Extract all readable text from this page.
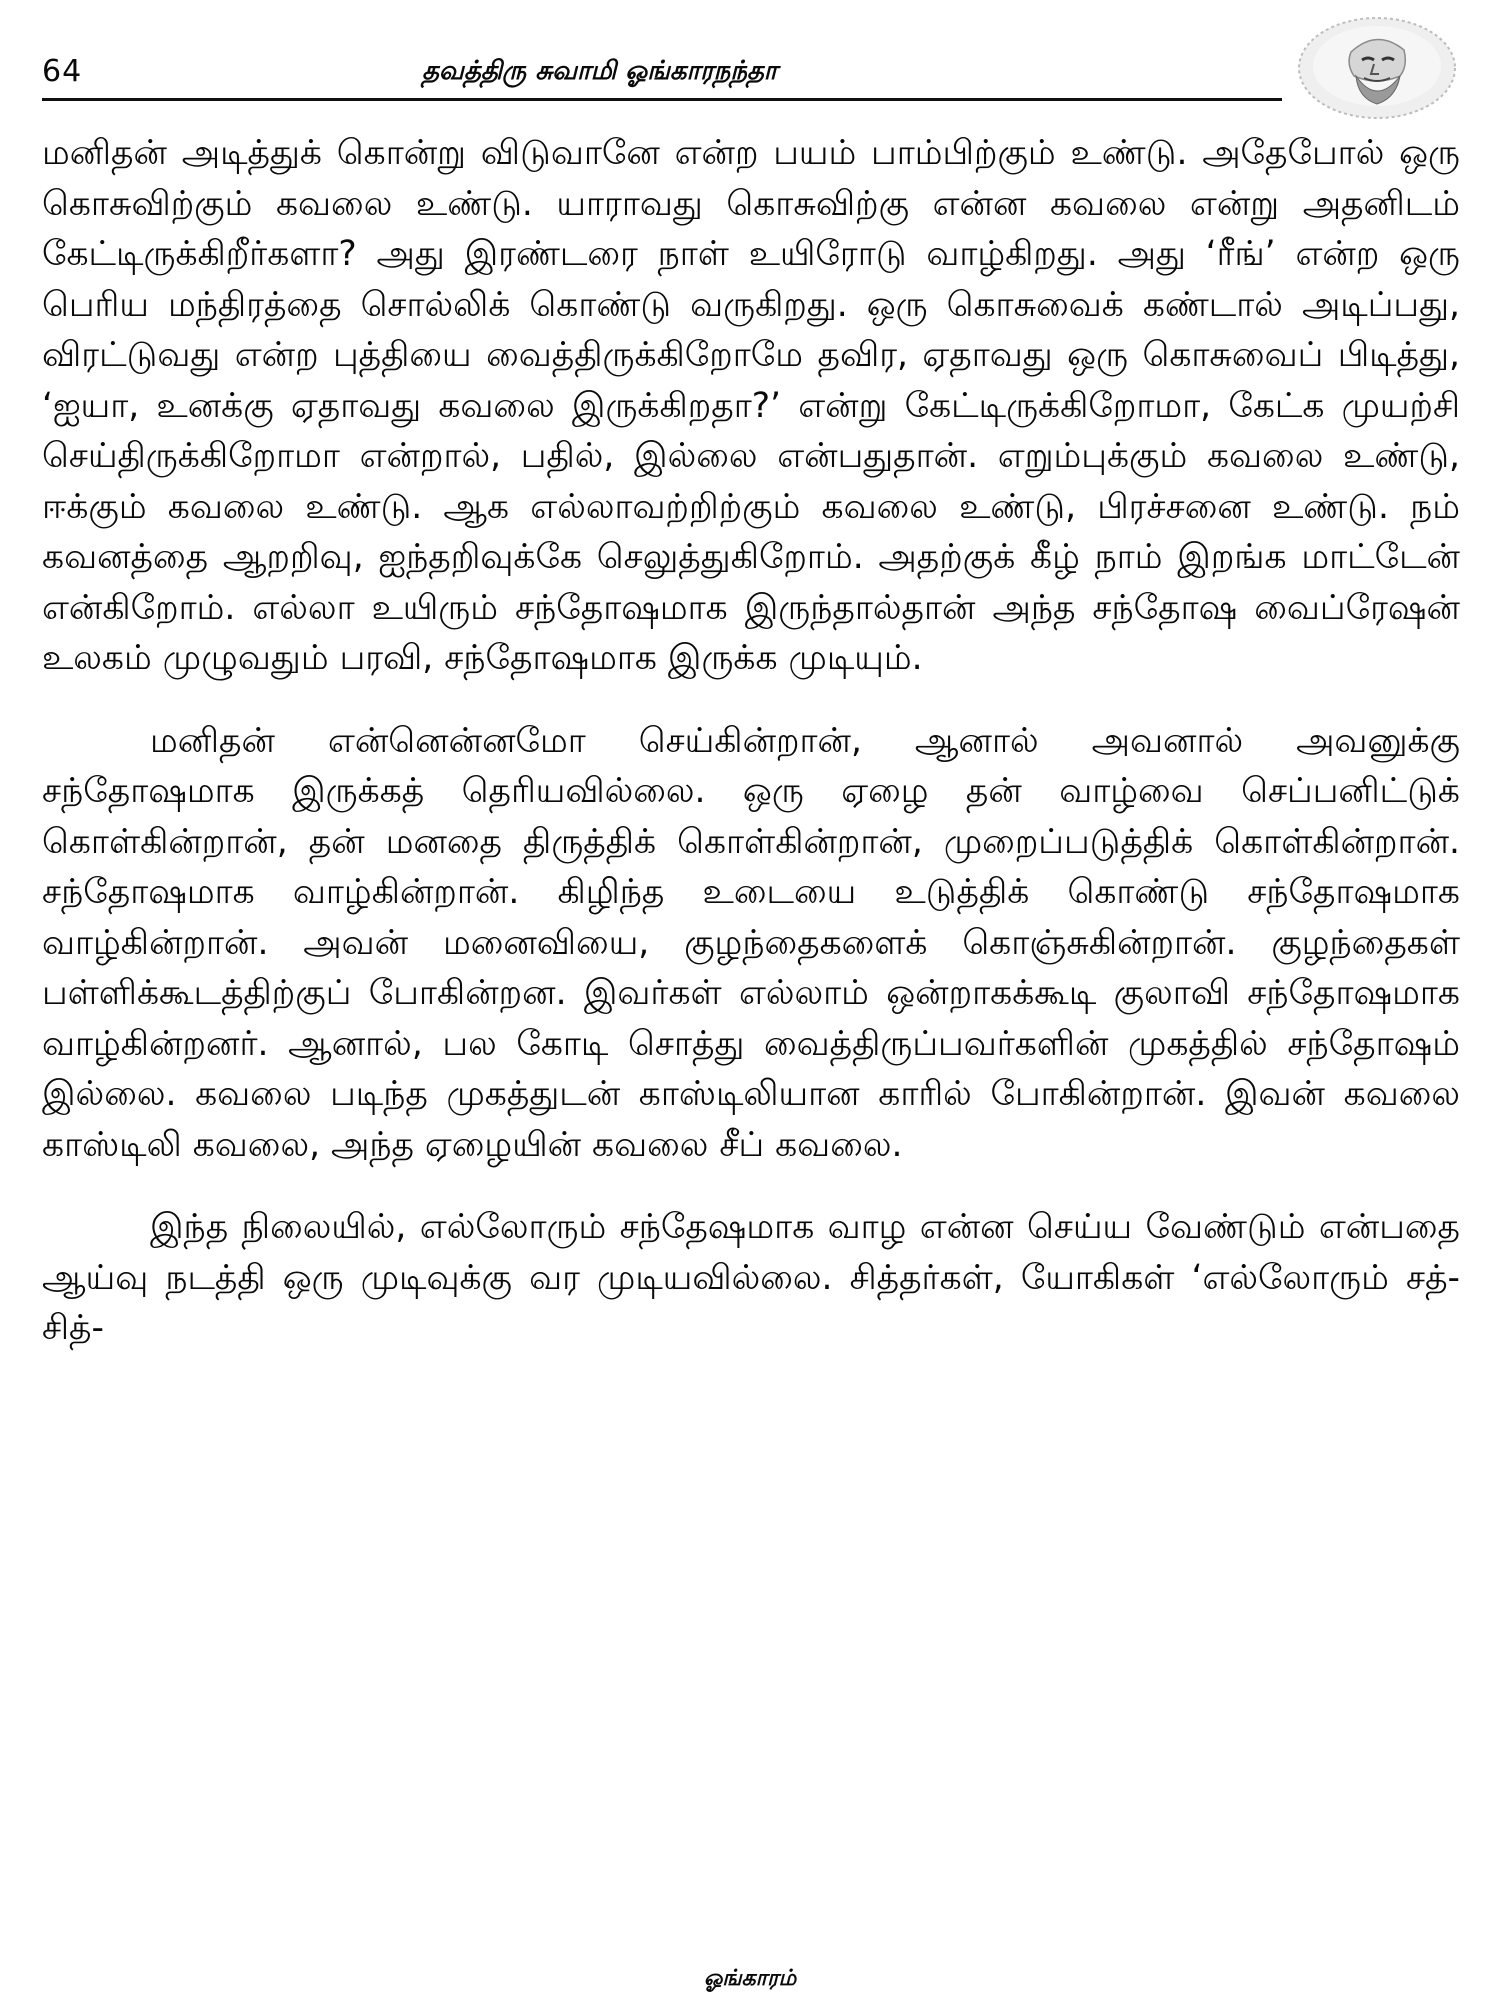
64	தவத்திரு சுவாமி ஓங்காரநந்தா

மனிதன் அடித்துக் கொன்று விடுவானே என்ற பயம் பாம்பிற்கும் உண்டு. அதேபோல் ஒரு கொசுவிற்கும் கவலை உண்டு. யாராவது கொசுவிற்கு என்ன கவலை என்று அதனிடம் கேட்டிருக்கிறீர்களா? அது இரண்டரை நாள் உயிரோடு வாழ்கிறது. அது ‘ரீங்’ என்ற ஒரு பெரிய மந்திரத்தை சொல்லிக் கொண்டு வருகிறது. ஒரு கொசுவைக் கண்டால் அடிப்பது, விரட்டுவது என்ற புத்தியை வைத்திருக்கிறோமே தவிர, ஏதாவது ஒரு கொசுவைப் பிடித்து, ‘ஐயா, உனக்கு ஏதாவது கவலை இருக்கிறதா?’ என்று கேட்டிருக்கிறோமா, கேட்க முயற்சி செய்திருக்கிறோமா என்றால், பதில், இல்லை என்பதுதான். எறும்புக்கும் கவலை உண்டு, ஈக்கும் கவலை உண்டு. ஆக எல்லாவற்றிற்கும் கவலை உண்டு, பிரச்சனை உண்டு. நம் கவனத்தை ஆறறிவு, ஐந்தறிவுக்கே செலுத்துகிறோம். அதற்குக் கீழ் நாம் இறங்க மாட்டேன் என்கிறோம். எல்லா உயிரும் சந்தோஷமாக இருந்தால்தான் அந்த சந்தோஷ வைப்ரேஷன் உலகம் முழுவதும் பரவி, சந்தோஷமாக இருக்க முடியும்.

மனிதன் என்னென்னமோ செய்கின்றான், ஆனால் அவனால் அவனுக்கு சந்தோஷமாக இருக்கத் தெரியவில்லை. ஒரு ஏழை தன் வாழ்வை செப்பனிட்டுக் கொள்கின்றான், தன் மனதை திருத்திக் கொள்கின்றான், முறைப்படுத்திக் கொள்கின்றான். சந்தோஷமாக வாழ்கின்றான். கிழிந்த உடையை உடுத்திக் கொண்டு சந்தோஷமாக வாழ்கின்றான். அவன் மனைவியை, குழந்தைகளைக் கொஞ்சுகின்றான். குழந்தைகள் பள்ளிக்கூடத்திற்குப் போகின்றன. இவர்கள் எல்லாம் ஒன்றாகக்கூடி குலாவி சந்தோஷமாக வாழ்கின்றனர். ஆனால், பல கோடி சொத்து வைத்திருப்பவர்களின் முகத்தில் சந்தோஷம் இல்லை. கவலை படிந்த முகத்துடன் காஸ்டிலியான காரில் போகின்றான். இவன் கவலை காஸ்டிலி கவலை, அந்த ஏழையின் கவலை சீப் கவலை.

இந்த நிலையில், எல்லோரும் சந்தேஷமாக வாழ என்ன செய்ய வேண்டும் என்பதை ஆய்வு நடத்தி ஒரு முடிவுக்கு வர முடியவில்லை. சித்தர்கள், யோகிகள் ‘எல்லோரும் சத்-சித்-

ஓங்காரம்
